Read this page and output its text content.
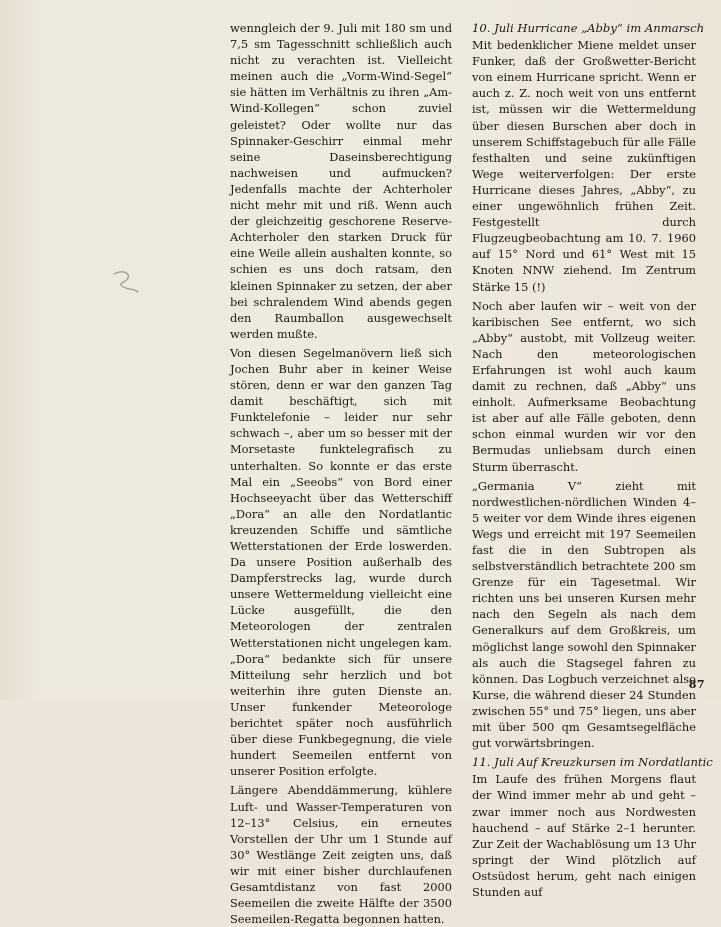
wenngleich der 9. Juli mit 180 sm und 7,5 sm Tagesschnitt schließlich auch nicht zu verachten ist. Vielleicht meinen auch die „Vorm-Wind-Segel“ sie hätten im Verhältnis zu ihren „Am-Wind-Kollegen“ schon zuviel geleistet? Oder wollte nur das Spinnaker-Geschirr einmal mehr seine Daseinsberechtigung nachweisen und aufmucken? Jedenfalls machte der Achterholer nicht mehr mit und riß. Wenn auch der gleichzeitig geschorene Reserve-Achterholer den starken Druck für eine Weile allein aushalten konnte, so schien es uns doch ratsam, den kleinen Spinnaker zu setzen, der aber bei schralendem Wind abends gegen den Raumballon ausgewechselt werden mußte.

Von diesen Segelmanövern ließ sich Jochen Buhr aber in keiner Weise stören, denn er war den ganzen Tag damit beschäftigt, sich mit Funktelefonie – leider nur sehr schwach –, aber um so besser mit der Morsetaste funktelegrafisch zu unterhalten. So konnte er das erste Mal ein „Seeobs“ von Bord einer Hochseeyacht über das Wetterschiff „Dora“ an alle den Nordatlantic kreuzenden Schiffe und sämtliche Wetterstationen der Erde loswerden. Da unsere Position außerhalb des Dampferstrecks lag, wurde durch unsere Wettermeldung vielleicht eine Lücke ausgefüllt, die den Meteorologen der zentralen Wetterstationen nicht ungelegen kam. „Dora“ bedankte sich für unsere Mitteilung sehr herzlich und bot weiterhin ihre guten Dienste an. Unser funkender Meteorologe berichtet später noch ausführlich über diese Funkbegegnung, die viele hundert Seemeilen entfernt von unserer Position erfolgte.

Längere Abenddämmerung, kühlere Luft- und Wasser-Temperaturen von 12–13° Celsius, ein erneutes Vorstellen der Uhr um 1 Stunde auf 30° Westlänge Zeit zeigten uns, daß wir mit einer bisher durchlaufenen Gesamtdistanz von fast 2000 Seemeilen die zweite Hälfte der 3500 Seemeilen-Regatta begonnen hatten.

10. Juli Hurricane „Abby“ im Anmarsch

Mit bedenklicher Miene meldet unser Funker, daß der Großwetter-Bericht von einem Hurricane spricht. Wenn er auch z. Z. noch weit von uns entfernt ist, müssen wir die Wettermeldung über diesen Burschen aber doch in unserem Schiffstagebuch für alle Fälle festhalten und seine zukünftigen Wege weiterverfolgen: Der erste Hurricane dieses Jahres, „Abby“, zu einer ungewöhnlich frühen Zeit. Festgestellt durch Flugzeugbeobachtung am 10. 7. 1960 auf 15° Nord und 61° West mit 15 Knoten NNW ziehend. Im Zentrum Stärke 15 (!)

Noch aber laufen wir – weit von der karibischen See entfernt, wo sich „Abby“ austobt, mit Vollzeug weiter. Nach den meteorologischen Erfahrungen ist wohl auch kaum damit zu rechnen, daß „Abby“ uns einholt. Aufmerksame Beobachtung ist aber auf alle Fälle geboten, denn schon einmal wurden wir vor den Bermudas unliebsam durch einen Sturm überrascht.

„Germania V“ zieht mit nordwestlichen-nördlichen Winden 4–5 weiter vor dem Winde ihres eigenen Wegs und erreicht mit 197 Seemeilen fast die in den Subtropen als selbstverständlich betrachtete 200 sm Grenze für ein Tagesetmal. Wir richten uns bei unseren Kursen mehr nach den Segeln als nach dem Generalkurs auf dem Großkreis, um möglichst lange sowohl den Spinnaker als auch die Stagsegel fahren zu können. Das Logbuch verzeichnet also Kurse, die während dieser 24 Stunden zwischen 55° und 75° liegen, uns aber mit über 500 qm Gesamtsegelfläche gut vorwärtsbringen.

11. Juli Auf Kreuzkursen im Nordatlantic

Im Laufe des frühen Morgens flaut der Wind immer mehr ab und geht – zwar immer noch aus Nordwesten hauchend – auf Stärke 2–1 herunter. Zur Zeit der Wachablösung um 13 Uhr springt der Wind plötzlich auf Ostsüdost herum, geht nach einigen Stunden auf

87
